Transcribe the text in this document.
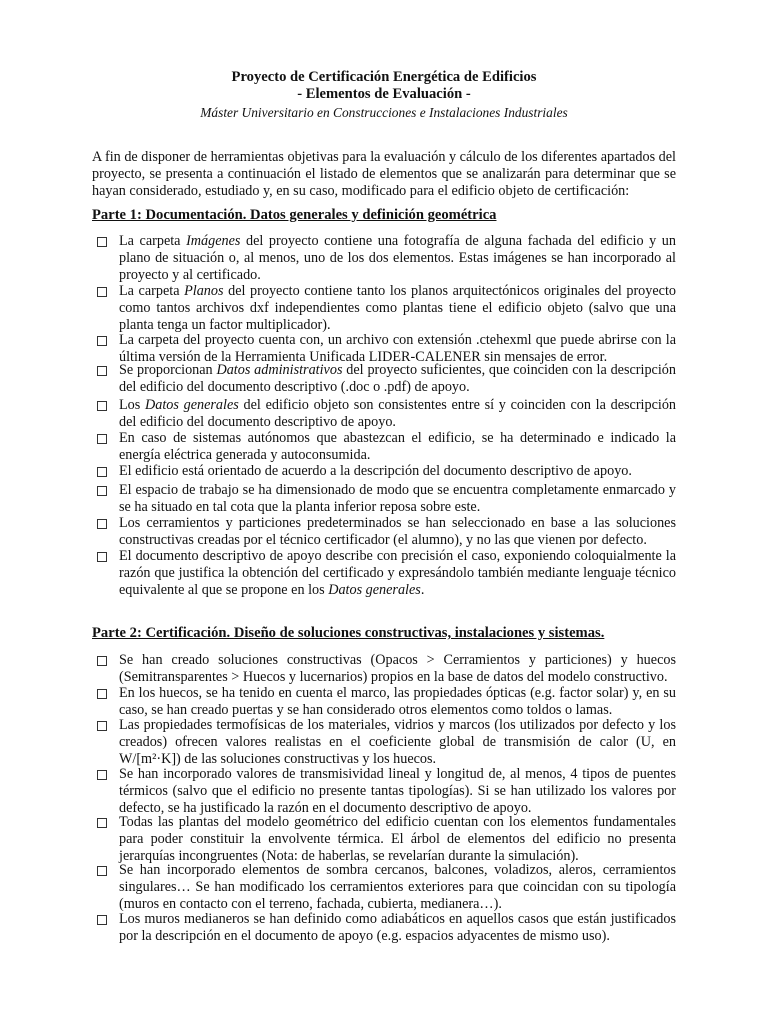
Proyecto de Certificación Energética de Edificios
- Elementos de Evaluación -
Máster Universitario en Construcciones e Instalaciones Industriales
A fin de disponer de herramientas objetivas para la evaluación y cálculo de los diferentes apartados del proyecto, se presenta a continuación el listado de elementos que se analizarán para determinar que se hayan considerado, estudiado y, en su caso, modificado para el edificio objeto de certificación:
Parte 1: Documentación. Datos generales y definición geométrica
La carpeta Imágenes del proyecto contiene una fotografía de alguna fachada del edificio y un plano de situación o, al menos, uno de los dos elementos. Estas imágenes se han incorporado al proyecto y al certificado.
La carpeta Planos del proyecto contiene tanto los planos arquitectónicos originales del proyecto como tantos archivos dxf independientes como plantas tiene el edificio objeto (salvo que una planta tenga un factor multiplicador).
La carpeta del proyecto cuenta con, un archivo con extensión .ctehexml que puede abrirse con la última versión de la Herramienta Unificada LIDER-CALENER sin mensajes de error.
Se proporcionan Datos administrativos del proyecto suficientes, que coinciden con la descripción del edificio del documento descriptivo (.doc o .pdf) de apoyo.
Los Datos generales del edificio objeto son consistentes entre sí y coinciden con la descripción del edificio del documento descriptivo de apoyo.
En caso de sistemas autónomos que abastezcan el edificio, se ha determinado e indicado la energía eléctrica generada y autoconsumida.
El edificio está orientado de acuerdo a la descripción del documento descriptivo de apoyo.
El espacio de trabajo se ha dimensionado de modo que se encuentra completamente enmarcado y se ha situado en tal cota que la planta inferior reposa sobre este.
Los cerramientos y particiones predeterminados se han seleccionado en base a las soluciones constructivas creadas por el técnico certificador (el alumno), y no las que vienen por defecto.
El documento descriptivo de apoyo describe con precisión el caso, exponiendo coloquialmente la razón que justifica la obtención del certificado y expresándolo también mediante lenguaje técnico equivalente al que se propone en los Datos generales.
Parte 2: Certificación. Diseño de soluciones constructivas, instalaciones y sistemas.
Se han creado soluciones constructivas (Opacos > Cerramientos y particiones) y huecos (Semitransparentes > Huecos y lucernarios) propios en la base de datos del modelo constructivo.
En los huecos, se ha tenido en cuenta el marco, las propiedades ópticas (e.g. factor solar) y, en su caso, se han creado puertas y se han considerado otros elementos como toldos o lamas.
Las propiedades termofísicas de los materiales, vidrios y marcos (los utilizados por defecto y los creados) ofrecen valores realistas en el coeficiente global de transmisión de calor (U, en W/[m²·K]) de las soluciones constructivas y los huecos.
Se han incorporado valores de transmisividad lineal y longitud de, al menos, 4 tipos de puentes térmicos (salvo que el edificio no presente tantas tipologías). Si se han utilizado los valores por defecto, se ha justificado la razón en el documento descriptivo de apoyo.
Todas las plantas del modelo geométrico del edificio cuentan con los elementos fundamentales para poder constituir la envolvente térmica. El árbol de elementos del edificio no presenta jerarquías incongruentes (Nota: de haberlas, se revelarían durante la simulación).
Se han incorporado elementos de sombra cercanos, balcones, voladizos, aleros, cerramientos singulares… Se han modificado los cerramientos exteriores para que coincidan con su tipología (muros en contacto con el terreno, fachada, cubierta, medianera…).
Los muros medianeros se han definido como adiabáticos en aquellos casos que están justificados por la descripción en el documento de apoyo (e.g. espacios adyacentes de mismo uso).
